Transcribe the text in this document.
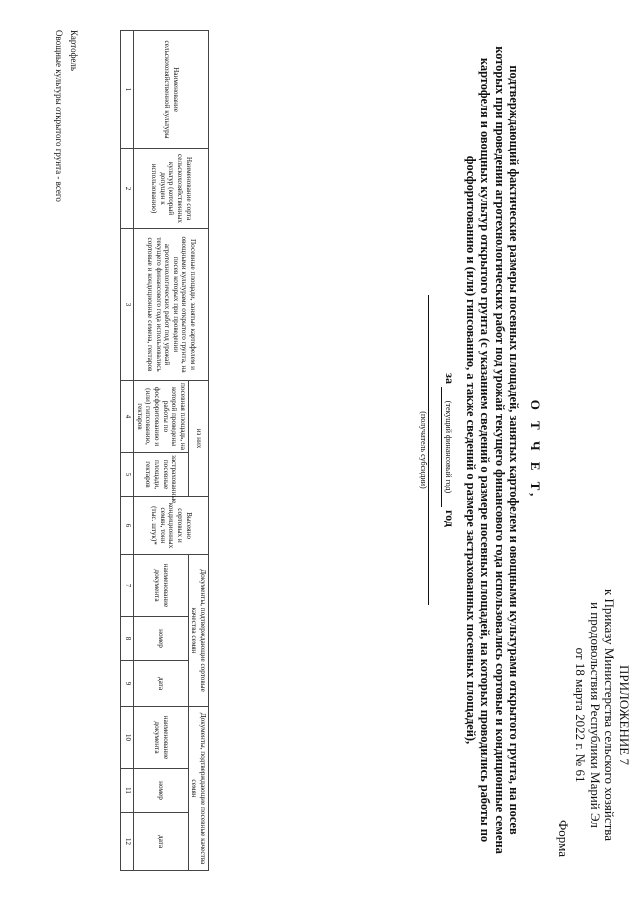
ПРИЛОЖЕНИЕ 7
к Приказу Министерства сельского хозяйства
и продовольствия Республики Марий Эл
от 18 марта 2022 г. № 61
Форма
О Т Ч Е Т,
подтверждающий фактические размеры посевных площадей, занятых картофелем и овощными культурами открытого грунта, на посев которых при проведении агротехнологических работ под урожай текущего финансового года использовались сортовые и кондиционные семена картофеля и овощных культур открытого грунта (с указанием сведений о размере посевных площадей, на которых проводились работы по фосфоритованию и (или) гипсованию, а также сведений о размере застрахованных посевных площадей),
за (текущий финансовый год) год
(получатель субсидии)
Наименование сельскохозяйственной культуры	Наименование сорта сельскохозяйственных культур (который допущен к использованию)	Посевные площади, занятые картофелем и овощными культурами открытого грунта, на посев которых при проведении агротехнологических работ под урожай текущего финансового года использовались сортовые и кондиционные семена, гектаров	из них		Высеяно сортовых и кондиционных семян, тонн (тыс. штук)*	Документы, подтверждающие сортовые качества семян			Документы, подтверждающие посевные качества семян		
			посевная площадь, на которой проведены работы по фосфоритованию и (или) гипсованию, гектаров	застрахованные посевные площади, гектаров		наименование документа	номер	дата	наименование документа	номер	дата
1	2	3	4	5	6	7	8	9	10	11	12
Картофель
Овощные культуры открытого грунта - всего
